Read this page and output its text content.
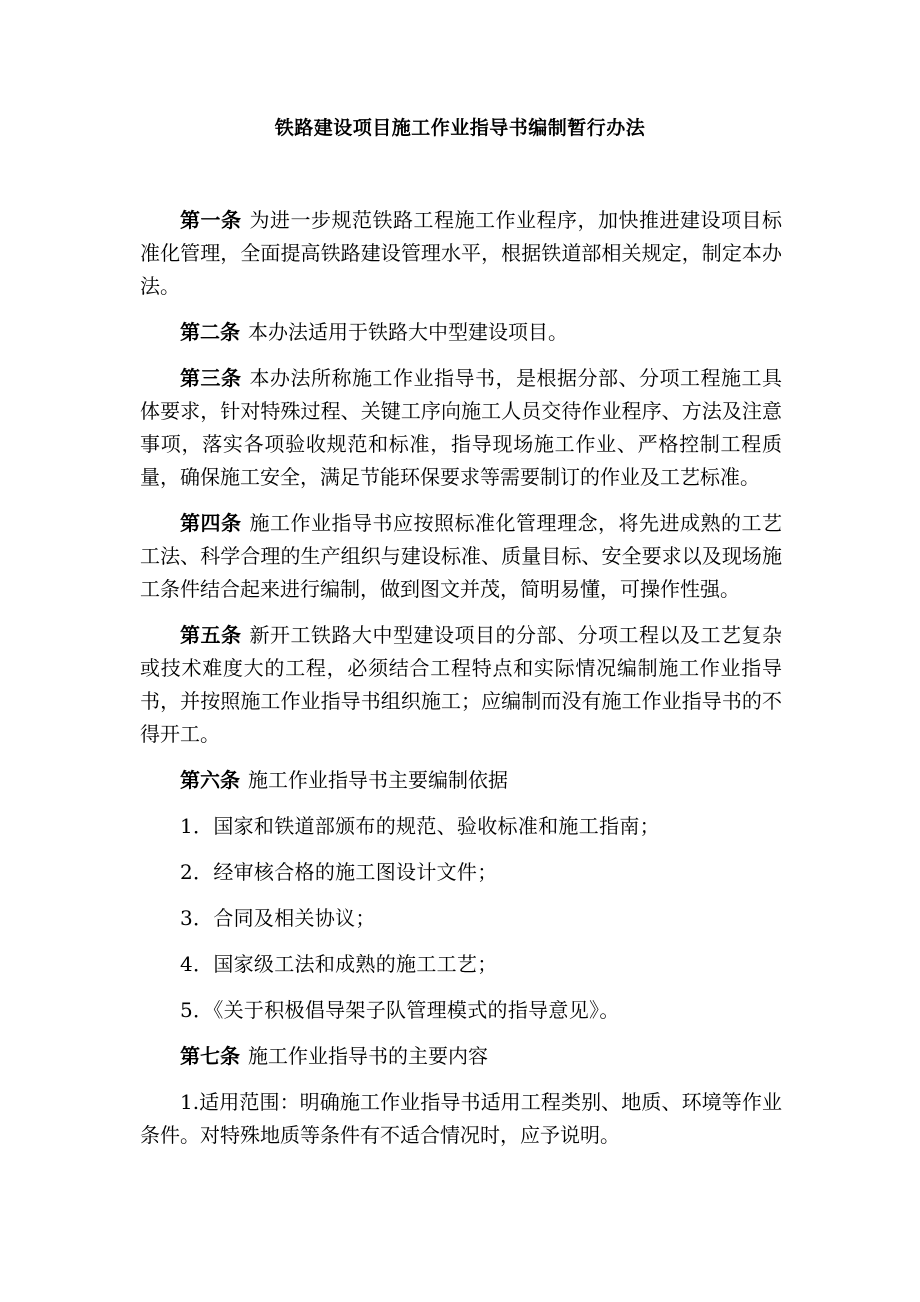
铁路建设项目施工作业指导书编制暂行办法

第一条 为进一步规范铁路工程施工作业程序，加快推进建设项目标准化管理，全面提高铁路建设管理水平，根据铁道部相关规定，制定本办法。

第二条 本办法适用于铁路大中型建设项目。

第三条 本办法所称施工作业指导书，是根据分部、分项工程施工具体要求，针对特殊过程、关键工序向施工人员交待作业程序、方法及注意事项，落实各项验收规范和标准，指导现场施工作业、严格控制工程质量，确保施工安全，满足节能环保要求等需要制订的作业及工艺标准。

第四条 施工作业指导书应按照标准化管理理念，将先进成熟的工艺工法、科学合理的生产组织与建设标准、质量目标、安全要求以及现场施工条件结合起来进行编制，做到图文并茂，简明易懂，可操作性强。

第五条 新开工铁路大中型建设项目的分部、分项工程以及工艺复杂或技术难度大的工程，必须结合工程特点和实际情况编制施工作业指导书，并按照施工作业指导书组织施工；应编制而没有施工作业指导书的不得开工。

第六条 施工作业指导书主要编制依据

1．国家和铁道部颁布的规范、验收标准和施工指南；

2．经审核合格的施工图设计文件；

3．合同及相关协议；

4．国家级工法和成熟的施工工艺；

5．《关于积极倡导架子队管理模式的指导意见》。

第七条 施工作业指导书的主要内容

1.适用范围：明确施工作业指导书适用工程类别、地质、环境等作业条件。对特殊地质等条件有不适合情况时，应予说明。
